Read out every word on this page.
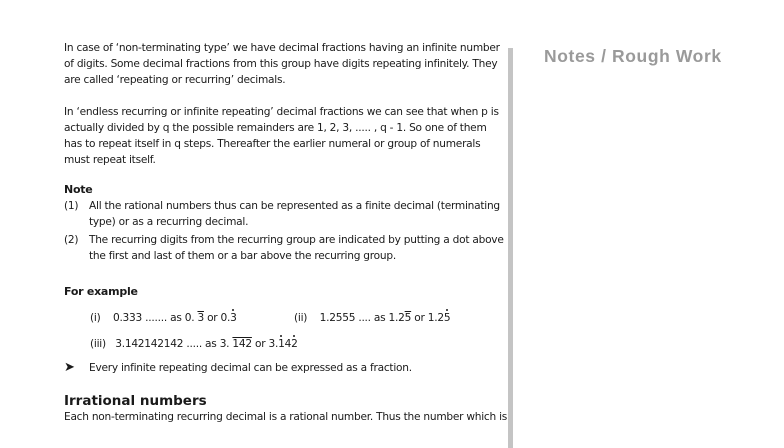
In case of ‘non-terminating type’ we have decimal fractions having an infinite number of digits. Some decimal fractions from this group have digits repeating infinitely. They are called ‘repeating or recurring’ decimals.

In ‘endless recurring or infinite repeating’ decimal fractions we can see that when p is actually divided by q the possible remainders are 1, 2, 3, ..... , q - 1. So one of them has to repeat itself in q steps. Thereafter the earlier numeral or group of numerals must repeat itself.

Note
(1)	All the rational numbers thus can be represented as a finite decimal (terminating type) or as a recurring decimal.
(2)	The recurring digits from the recurring group are indicated by putting a dot above the first and last of them or a bar above the recurring group.
For example
(i) 0.333 ....... as 0. 3 or 0.3	(ii) 1.2555 .... as 1.25 or 1.25
(iii) 3.142142142 ..... as 3. 142 or 3.142
➤	Every infinite repeating decimal can be expressed as a fraction.
Irrational numbers

Each non-terminating recurring decimal is a rational number. Thus the number which is

Notes / Rough Work
